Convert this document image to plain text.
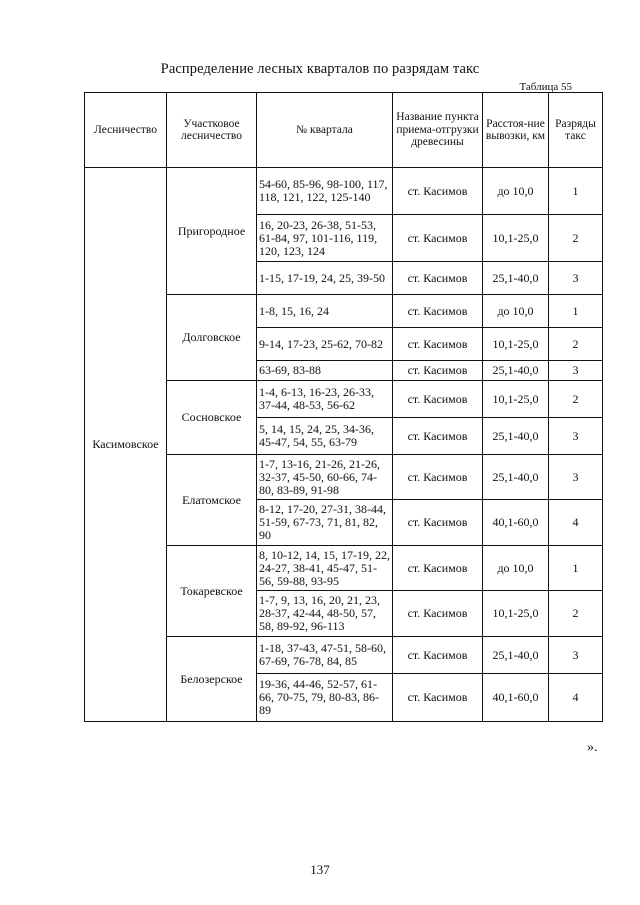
Распределение лесных кварталов по разрядам такс
Таблица 55
Лесничество	Участковое лесничество	№ квартала	Название пункта приема-отгрузки древесины	Расстоя-ние вывозки, км	Разряды такс
Касимовское	Пригородное	54-60, 85-96, 98-100, 117, 118, 121, 122, 125-140	ст. Касимов	до 10,0	1
		16, 20-23, 26-38, 51-53, 61-84, 97, 101-116, 119, 120, 123, 124	ст. Касимов	10,1-25,0	2
		1-15, 17-19, 24, 25, 39-50	ст. Касимов	25,1-40,0	3
	Долговское	1-8, 15, 16, 24	ст. Касимов	до 10,0	1
		9-14, 17-23, 25-62, 70-82	ст. Касимов	10,1-25,0	2
		63-69, 83-88	ст. Касимов	25,1-40,0	3
	Сосновское	1-4, 6-13, 16-23, 26-33, 37-44, 48-53, 56-62	ст. Касимов	10,1-25,0	2
		5, 14, 15, 24, 25, 34-36, 45-47, 54, 55, 63-79	ст. Касимов	25,1-40,0	3
	Елатомское	1-7, 13-16, 21-26, 21-26, 32-37, 45-50, 60-66, 74-80, 83-89, 91-98	ст. Касимов	25,1-40,0	3
		8-12, 17-20, 27-31, 38-44, 51-59, 67-73, 71, 81, 82, 90	ст. Касимов	40,1-60,0	4
	Токаревское	8, 10-12, 14, 15, 17-19, 22, 24-27, 38-41, 45-47, 51-56, 59-88, 93-95	ст. Касимов	до 10,0	1
		1-7, 9, 13, 16, 20, 21, 23, 28-37, 42-44, 48-50, 57, 58, 89-92, 96-113	ст. Касимов	10,1-25,0	2
	Белозерское	1-18, 37-43, 47-51, 58-60, 67-69, 76-78, 84, 85	ст. Касимов	25,1-40,0	3
		19-36, 44-46, 52-57, 61-66, 70-75, 79, 80-83, 86-89	ст. Касимов	40,1-60,0	4
».
137
